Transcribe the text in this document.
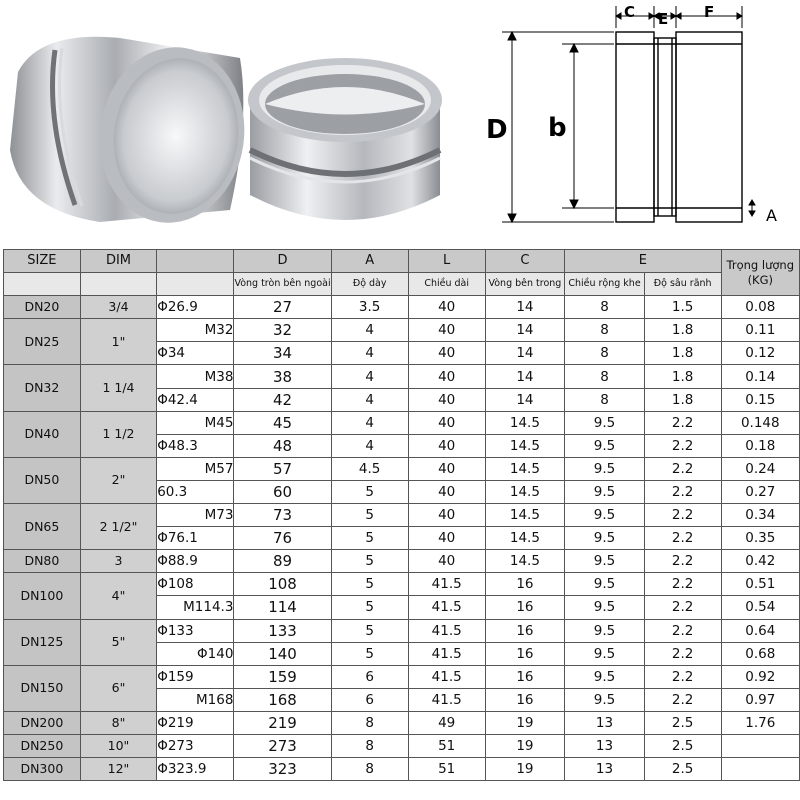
C E F
D b
A
SIZE	DIM		D	A	L	C	E		Trọng lượng (KG)
			Vòng tròn bên ngoài	Độ dày	Chiều dài	Vòng bên trong	Chiều rộng khe	Độ sâu rãnh	
DN20	3/4	Φ26.9	27	3.5	40	14	8	1.5	0.08
DN25	1"	M32	32	4	40	14	8	1.8	0.11
		Φ34	34	4	40	14	8	1.8	0.12
DN32	1 1/4	M38	38	4	40	14	8	1.8	0.14
		Φ42.4	42	4	40	14	8	1.8	0.15
DN40	1 1/2	M45	45	4	40	14.5	9.5	2.2	0.148
		Φ48.3	48	4	40	14.5	9.5	2.2	0.18
DN50	2"	M57	57	4.5	40	14.5	9.5	2.2	0.24
		60.3	60	5	40	14.5	9.5	2.2	0.27
DN65	2 1/2"	M73	73	5	40	14.5	9.5	2.2	0.34
		Φ76.1	76	5	40	14.5	9.5	2.2	0.35
DN80	3	Φ88.9	89	5	40	14.5	9.5	2.2	0.42
DN100	4"	Φ108	108	5	41.5	16	9.5	2.2	0.51
		M114.3	114	5	41.5	16	9.5	2.2	0.54
DN125	5"	Φ133	133	5	41.5	16	9.5	2.2	0.64
		Φ140	140	5	41.5	16	9.5	2.2	0.68
DN150	6"	Φ159	159	6	41.5	16	9.5	2.2	0.92
		M168	168	6	41.5	16	9.5	2.2	0.97
DN200	8"	Φ219	219	8	49	19	13	2.5	1.76
DN250	10"	Φ273	273	8	51	19	13	2.5	
DN300	12"	Φ323.9	323	8	51	19	13	2.5	
